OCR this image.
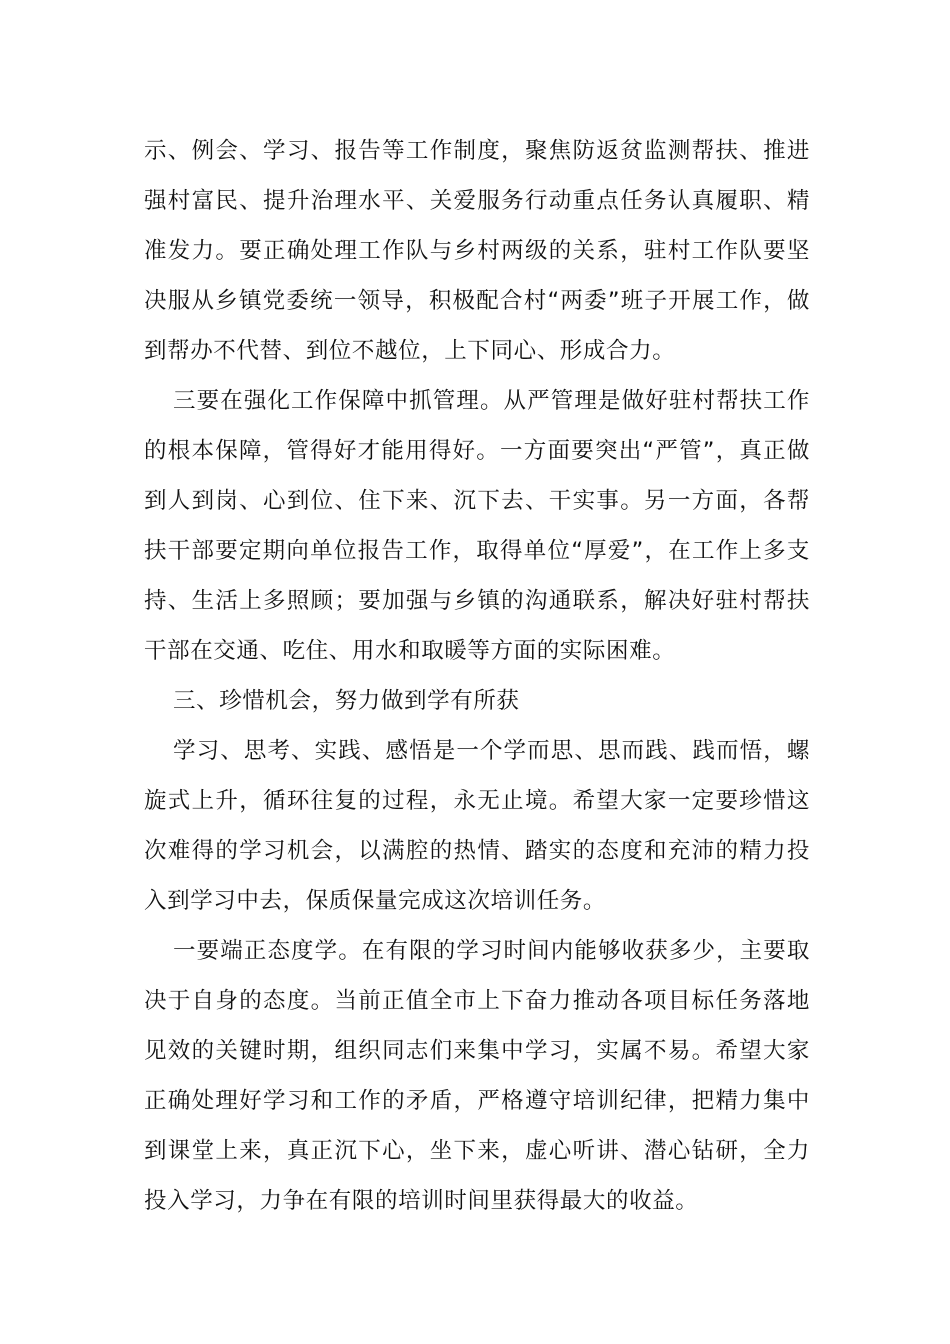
示、例会、学习、报告等工作制度，聚焦防返贫监测帮扶、推进强村富民、提升治理水平、关爱服务行动重点任务认真履职、精准发力。要正确处理工作队与乡村两级的关系，驻村工作队要坚决服从乡镇党委统一领导，积极配合村“两委”班子开展工作，做到帮办不代替、到位不越位，上下同心、形成合力。

三要在强化工作保障中抓管理。从严管理是做好驻村帮扶工作的根本保障，管得好才能用得好。一方面要突出“严管”，真正做到人到岗、心到位、住下来、沉下去、干实事。另一方面，各帮扶干部要定期向单位报告工作，取得单位“厚爱”，在工作上多支持、生活上多照顾；要加强与乡镇的沟通联系，解决好驻村帮扶干部在交通、吃住、用水和取暖等方面的实际困难。

三、珍惜机会，努力做到学有所获

学习、思考、实践、感悟是一个学而思、思而践、践而悟，螺旋式上升，循环往复的过程，永无止境。希望大家一定要珍惜这次难得的学习机会，以满腔的热情、踏实的态度和充沛的精力投入到学习中去，保质保量完成这次培训任务。

一要端正态度学。在有限的学习时间内能够收获多少，主要取决于自身的态度。当前正值全市上下奋力推动各项目标任务落地见效的关键时期，组织同志们来集中学习，实属不易。希望大家正确处理好学习和工作的矛盾，严格遵守培训纪律，把精力集中到课堂上来，真正沉下心，坐下来，虚心听讲、潜心钻研，全力投入学习，力争在有限的培训时间里获得最大的收益。
